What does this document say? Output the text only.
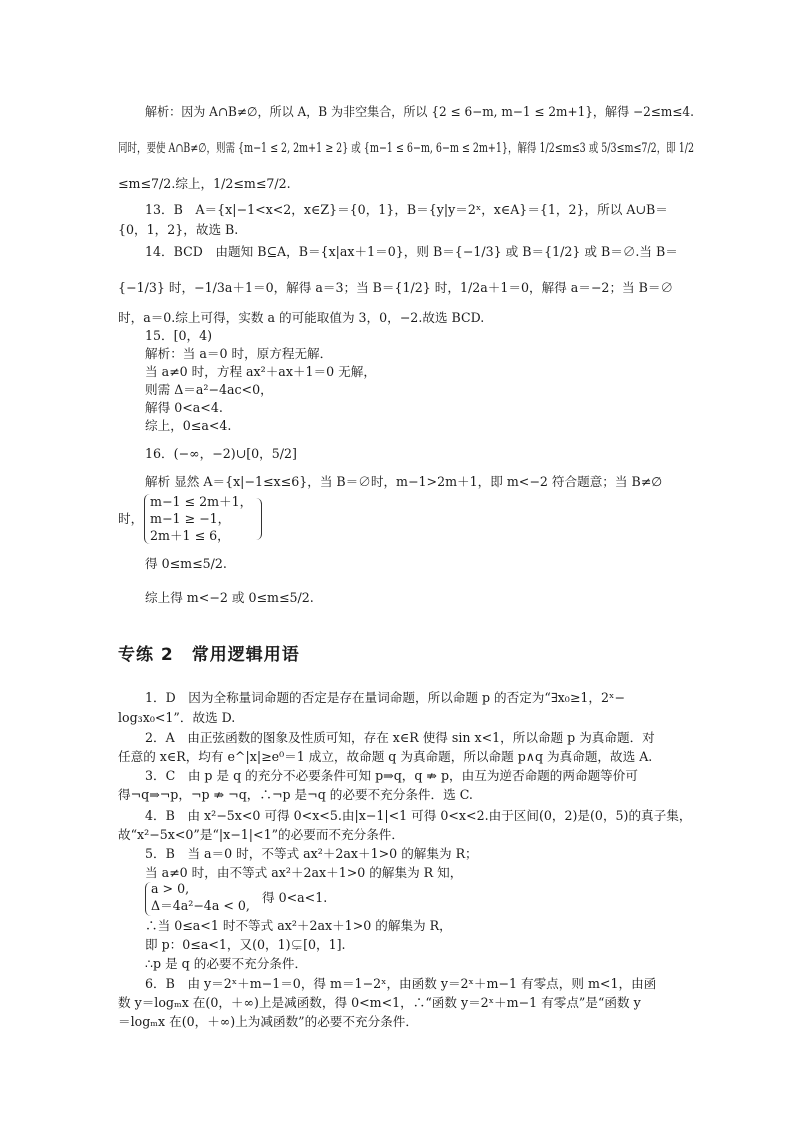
解析：因为 A∩B≠∅，所以 A，B 为非空集合，所以 {2 ≤ 6−m, m−1 ≤ 2m+1}，解得 −2≤m≤4.
同时，要使 A∩B≠∅，则需 {m−1 ≤ 2, 2m+1 ≥ 2} 或 {m−1 ≤ 6−m, 6−m ≤ 2m+1}，解得 1/2≤m≤3 或 5/3≤m≤7/2，即 1/2
≤m≤7/2.综上，1/2≤m≤7/2.
13．B　A＝{x|−1<x<2，x∈Z}＝{0，1}，B＝{y|y＝2ˣ，x∈A}＝{1，2}，所以 A∪B＝
{0，1，2}，故选 B.
14．BCD　由题知 B⊆A，B＝{x|ax＋1＝0}，则 B＝{−1/3} 或 B＝{1/2} 或 B＝∅.当 B＝
{−1/3} 时，−1/3a＋1＝0，解得 a＝3；当 B＝{1/2} 时，1/2a＋1＝0，解得 a＝−2；当 B＝∅
时，a＝0.综上可得，实数 a 的可能取值为 3，0，−2.故选 BCD.
15．[0，4)
解析：当 a＝0 时，原方程无解．
当 a≠0 时，方程 ax²＋ax＋1＝0 无解，
则需 Δ＝a²−4ac<0，
解得 0<a<4.
综上，0≤a<4.
16．(−∞，−2)∪[0，5/2]
解析 显然 A＝{x|−1≤x≤6}，当 B＝∅时，m−1>2m＋1，即 m<−2 符合题意；当 B≠∅
m−1 ≤ 2m＋1，
时， m−1 ≥ −1，
2m＋1 ≤ 6，
得 0≤m≤5/2.
综上得 m<−2 或 0≤m≤5/2.
专练 2　常用逻辑用语
1．D　因为全称量词命题的否定是存在量词命题，所以命题 p 的否定为“∃x₀≥1，2ˣ−
log₃x₀<1”．故选 D.
2．A　由正弦函数的图象及性质可知，存在 x∈R 使得 sin x<1，所以命题 p 为真命题．对
任意的 x∈R，均有 e^|x|≥e⁰＝1 成立，故命题 q 为真命题，所以命题 p∧q 为真命题，故选 A.
3．C　由 p 是 q 的充分不必要条件可知 p⇒q，q ⇏ p，由互为逆否命题的两命题等价可
得¬q⇒¬p，¬p ⇏ ¬q，∴¬p 是¬q 的必要不充分条件．选 C.
4．B　由 x²−5x<0 可得 0<x<5.由|x−1|<1 可得 0<x<2.由于区间(0，2)是(0，5)的真子集，
故“x²−5x<0”是“|x−1|<1”的必要而不充分条件．
5．B　当 a＝0 时，不等式 ax²＋2ax＋1>0 的解集为 R；
当 a≠0 时，由不等式 ax²＋2ax＋1>0 的解集为 R 知，
a > 0,
Δ＝4a²−4a < 0,
得 0<a<1.
∴当 0≤a<1 时不等式 ax²＋2ax＋1>0 的解集为 R，
即 p：0≤a<1，又(0，1)⊊[0，1].
∴p 是 q 的必要不充分条件．
6．B　由 y＝2ˣ＋m−1＝0，得 m＝1−2ˣ，由函数 y＝2ˣ＋m−1 有零点，则 m<1，由函
数 y＝logₘx 在(0，＋∞)上是减函数，得 0<m<1，∴“函数 y＝2ˣ＋m−1 有零点”是“函数 y
＝logₘx 在(0，＋∞)上为减函数”的必要不充分条件．
